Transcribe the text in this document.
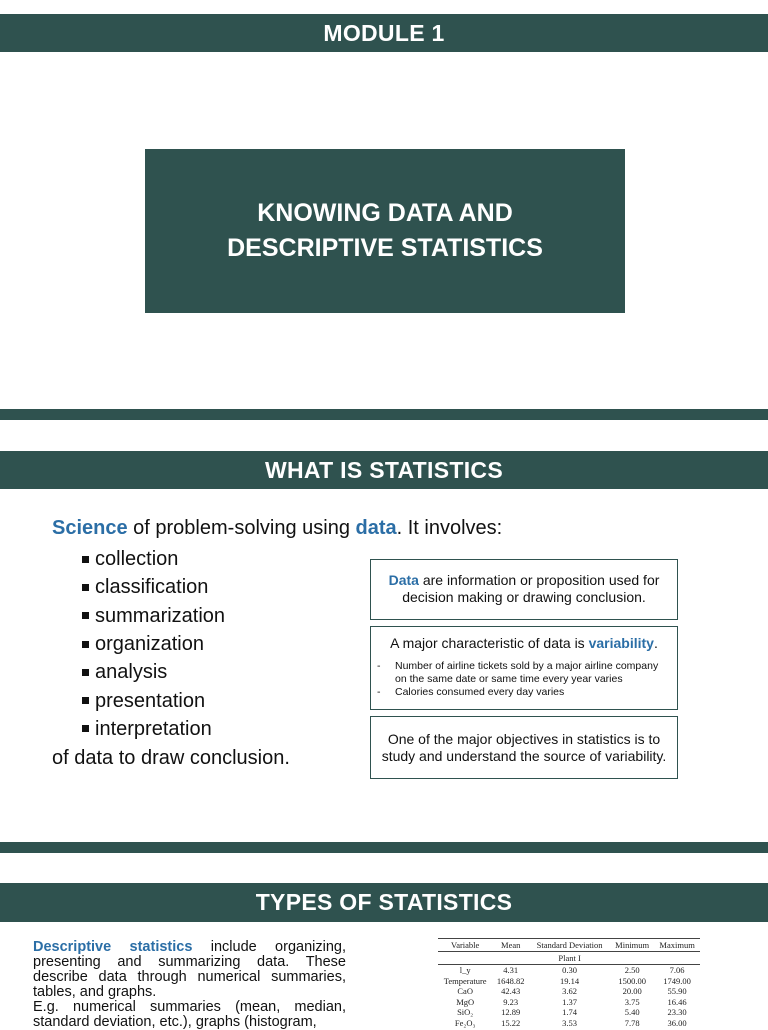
MODULE 1
KNOWING DATA AND
DESCRIPTIVE STATISTICS
WHAT IS STATISTICS
Science of problem-solving using data. It involves:
collection
classification
summarization
organization
analysis
presentation
interpretation
of data to draw conclusion.
Data are information or proposition used for decision making or drawing conclusion.
A major characteristic of data is variability.
-	Number of airline tickets sold by a major airline company on the same date or same time every year varies
-	Calories consumed every day varies
One of the major objectives in statistics is to study and understand the source of variability.
TYPES OF STATISTICS

Descriptive statistics include organizing, presenting and summarizing data. These describe data through numerical summaries, tables, and graphs.

E.g. numerical summaries (mean, median, standard deviation, etc.), graphs (histogram,

Variable	Mean	Standard Deviation	Minimum	Maximum
		Plant I		
l_y	4.31	0.30	2.50	7.06
Temperature	1648.82	19.14	1500.00	1749.00
CaO	42.43	3.62	20.00	55.90
MgO	9.23	1.37	3.75	16.46
SiO₂	12.89	1.74	5.40	23.30
Fe₂O₃	15.22	3.53	7.78	36.00
